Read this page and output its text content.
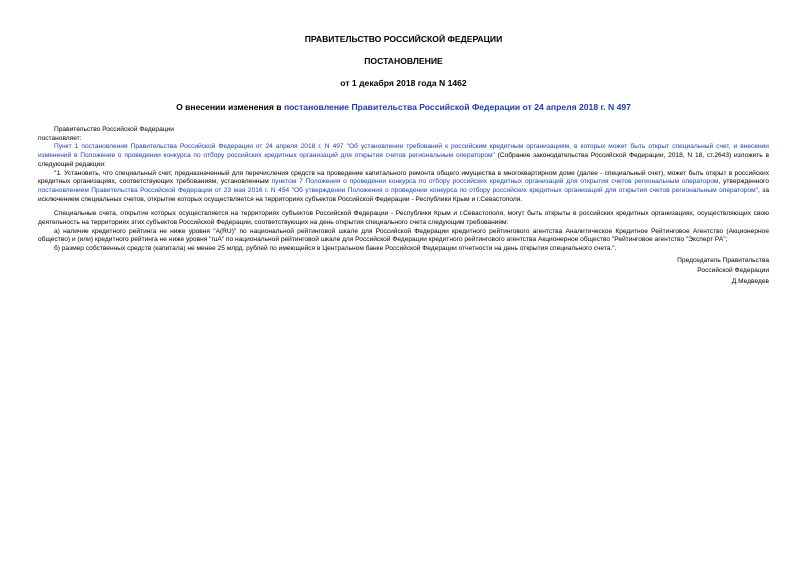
ПРАВИТЕЛЬСТВО РОССИЙСКОЙ ФЕДЕРАЦИИ
ПОСТАНОВЛЕНИЕ
от 1 декабря 2018 года N 1462
О внесении изменения в постановление Правительства Российской Федерации от 24 апреля 2018 г. N 497

Правительство Российской Федерации

постановляет:

Пункт 1 постановления Правительства Российской Федерации от 24 апреля 2018 г. N 497 "Об установлении требований к российским кредитным организациям, в которых может быть открыт специальный счет, и внесении изменений в Положение о проведении конкурса по отбору российских кредитных организаций для открытия счетов региональным оператором" (Собрание законодательства Российской Федерации, 2018, N 18, ст.2643) изложить в следующей редакции:

"1. Установить, что специальный счет, предназначенный для перечисления средств на проведение капитального ремонта общего имущества в многоквартирном доме (далее - специальный счет), может быть открыт в российских кредитных организациях, соответствующих требованиям, установленным пунктом 7 Положения о проведении конкурса по отбору российских кредитных организаций для открытия счетов региональным оператором, утвержденного постановлением Правительства Российской Федерации от 23 мая 2016 г. N 454 "Об утверждении Положения о проведении конкурса по отбору российских кредитных организаций для открытия счетов региональным оператором", за исключением специальных счетов, открытие которых осуществляется на территориях субъектов Российской Федерации - Республики Крым и г.Севастополя.

Специальные счета, открытие которых осуществляется на территориях субъектов Российской Федерации - Республики Крым и г.Севастополя, могут быть открыты в российских кредитных организациях, осуществляющих свою деятельность на территориях этих субъектов Российской Федерации, соответствующих на день открытия специального счета следующим требованиям:

а) наличие кредитного рейтинга не ниже уровня "A(RU)" по национальной рейтинговой шкале для Российской Федерации кредитного рейтингового агентства Аналитическое Кредитное Рейтинговое Агентство (Акционерное общество) и (или) кредитного рейтинга не ниже уровня "ruA" по национальной рейтинговой шкале для Российской Федерации кредитного рейтингового агентства Акционерное общество "Рейтинговое агентство "Эксперт РА";

б) размер собственных средств (капитала) не менее 25 млрд. рублей по имеющейся в Центральном банке Российской Федерации отчетности на день открытия специального счета.".

Председатель Правительства
Российской Федерации
Д.Медведев
